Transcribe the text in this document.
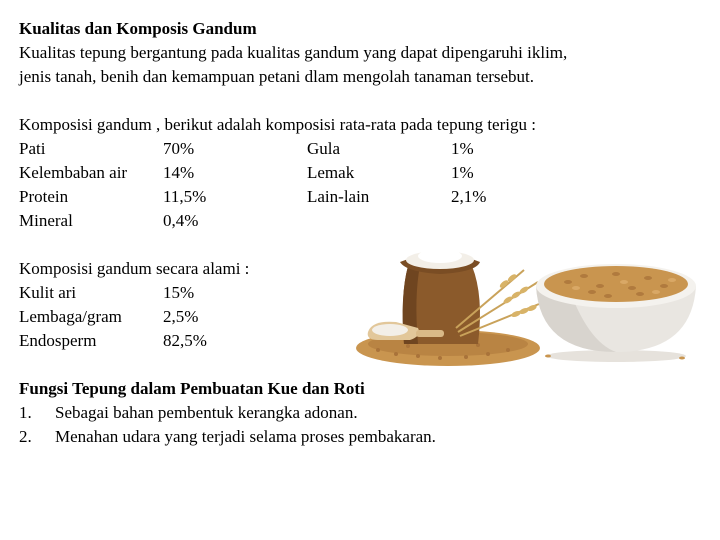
Kualitas dan Komposis Gandum
Kualitas tepung bergantung pada kualitas gandum yang dapat dipengaruhi iklim,
jenis tanah, benih dan kemampuan petani dlam mengolah tanaman tersebut.
Komposisi gandum , berikut adalah komposisi rata-rata pada tepung terigu :
Pati	70%	Gula	1%
Kelembaban air 14%	Lemak	1%
Protein	11,5%	Lain-lain	2,1%
Mineral	0,4%
Komposisi gandum secara alami :
Kulit ari	15%
Lembaga/gram 2,5%
Endosperm	82,5%
Fungsi Tepung dalam Pembuatan Kue dan Roti
1. Sebagai bahan pembentuk kerangka adonan.
2. Menahan udara yang terjadi selama proses pembakaran.
